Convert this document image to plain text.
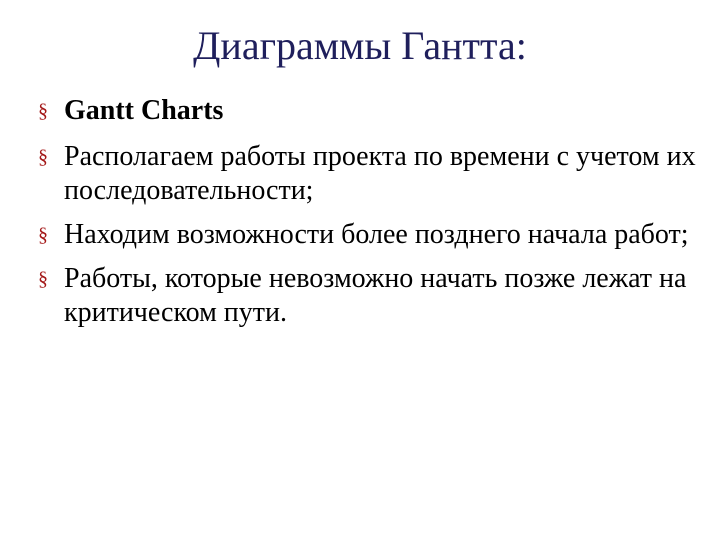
Диаграммы Гантта:
§ Gantt Charts
§ Располагаем работы проекта по времени с учетом их последовательности;
§ Находим возможности более позднего начала работ;
§ Работы, которые невозможно начать позже лежат на критическом пути.
